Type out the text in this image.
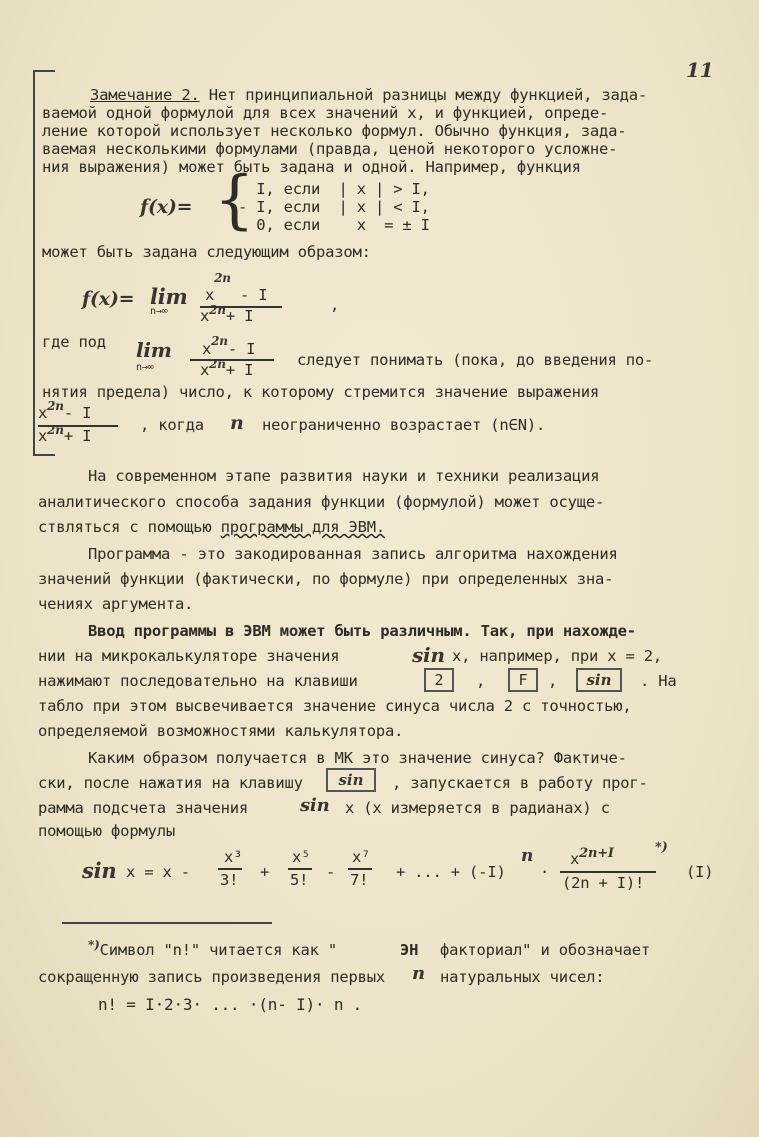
11
Замечание 2. Нет принципиальной разницы между функцией, зада-
ваемой одной формулой для всех значений x, и функцией, опреде-
ление которой использует несколько формул. Обычно функция, зада-
ваемая несколькими формулами (правда, ценой некоторого усложне-
ния выражения) может быть задана и одной. Например, функция
f(x)= {
I, если  | x | > I,
- I, если  | x | < I,
0, если    x  = ± I
может быть задана следующим образом:
f(x)= lim
n→∞
$x^{2n}$ - I
$x^{2n}+ I$
,
где под lim
n→∞
$x^{2n}-$ I
$x^{2n}+ I$
следует понимать (пока, до введения по-
нятия предела) число, к которому стремится значение выражения
$x^{2n}-$ I
$x^{2n}+ I$
, когда n неограниченно возрастает (n∈N).
На современном этапе развития науки и техники реализация
аналитического способа задания функции (формулой) может осуще-
ствляться с помощью программы для ЭВМ.
Программа - это закодированная запись алгоритма нахождения
значений функции (фактически, по формуле) при определенных зна-
чениях аргумента.
Ввод программы в ЭВМ может быть различным. Так, при нахожде-
нии на микрокалькуляторе значения	sin x, например, при x = 2,
нажимают последовательно на клавиши	2	,	F	,	sin	. На
табло при этом высвечивается значение синуса числа 2 с точностью,
определяемой возможностями калькулятора.
Каким образом получается в МК это значение синуса? Фактиче-
ски, после нажатия на клавишу	sin	, запускается в работу прог-
рамма подсчета значения	sin x (x измеряется в радианах) с
помощью формулы
sin x = x -
x³
3! +
x⁵
5! -
x⁷
7! + ... + (-I)
n
·
$x^{2n+I}$
(2n + I)!
*)
(I)
*)Символ "n!" читается как "	ЭН факториал" и обозначает
сокращенную запись произведения первых n натуральных чисел:
n! = I·2·3· ... ·(n- I)· n .
